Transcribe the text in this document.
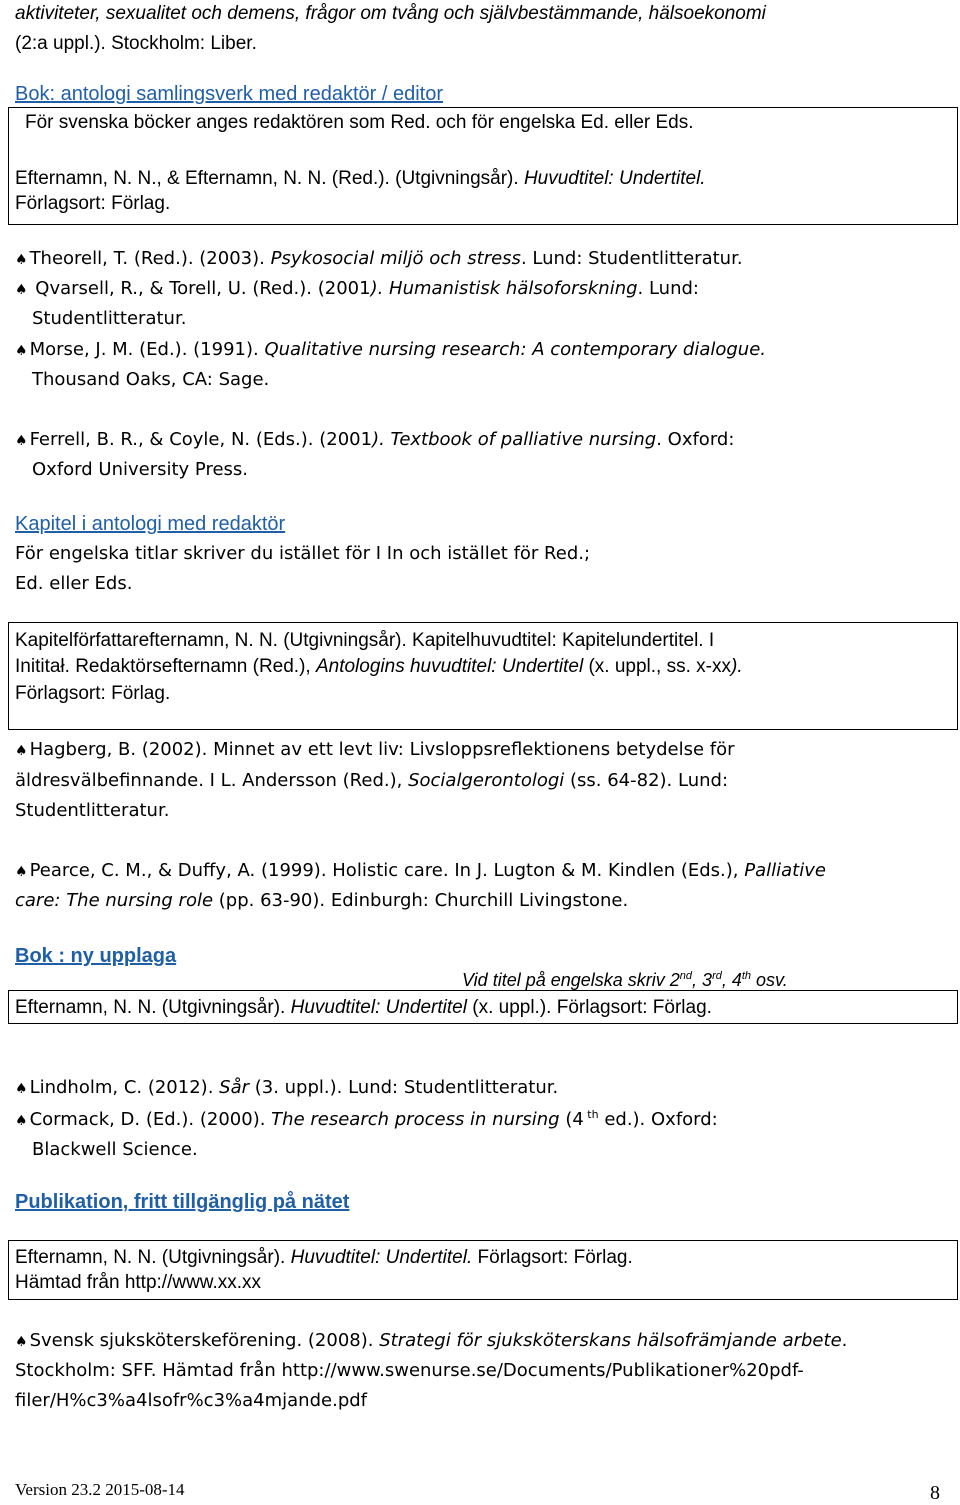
aktiviteter, sexualitet och demens, frågor om tvång och självbestämmande, hälsoekonomi
(2:a uppl.). Stockholm: Liber.
Bok: antologi samlingsverk med redaktör / editor
För svenska böcker anges redaktören som Red. och för engelska Ed. eller Eds.
Efternamn, N. N., & Efternamn, N. N. (Red.). (Utgivningsår). Huvudtitel: Undertitel.
Förlagsort: Förlag.
♠ Theorell, T. (Red.). (2003). Psykosocial miljö och stress. Lund: Studentlitteratur.
♠ Qvarsell, R., & Torell, U. (Red.). (2001). Humanistisk hälsoforskning. Lund:
Studentlitteratur.
♠ Morse, J. M. (Ed.). (1991). Qualitative nursing research: A contemporary dialogue.
Thousand Oaks, CA: Sage.
♠ Ferrell, B. R., & Coyle, N. (Eds.). (2001). Textbook of palliative nursing. Oxford:
Oxford University Press.
Kapitel i antologi med redaktör
För engelska titlar skriver du istället för I In och istället för Red.;
Ed. eller Eds.
Kapitelförfattarefternamn, N. N. (Utgivningsår). Kapitelhuvudtitel: Kapitelundertitel. I
Inititał. Redaktörsefternamn (Red.), Antologins huvudtitel: Undertitel (x. uppl., ss. x-xx).
Förlagsort: Förlag.
♠ Hagberg, B. (2002). Minnet av ett levt liv: Livsloppsreflektionens betydelse för
äldresvälbefinnande. I L. Andersson (Red.), Socialgerontologi (ss. 64-82). Lund:
Studentlitteratur.
♠ Pearce, C. M., & Duffy, A. (1999). Holistic care. In J. Lugton & M. Kindlen (Eds.), Palliative
care: The nursing role (pp. 63-90). Edinburgh: Churchill Livingstone.
Bok : ny upplaga
Vid titel på engelska skriv 2nd, 3rd, 4th osv.
Efternamn, N. N. (Utgivningsår). Huvudtitel: Undertitel (x. uppl.). Förlagsort: Förlag.
♠ Lindholm, C. (2012). Sår (3. uppl.). Lund: Studentlitteratur.
♠ Cormack, D. (Ed.). (2000). The research process in nursing (4 $^{th}$ ed.). Oxford:
Blackwell Science.
Publikation, fritt tillgänglig på nätet
Efternamn, N. N. (Utgivningsår). Huvudtitel: Undertitel. Förlagsort: Förlag.
Hämtad från http://www.xx.xx
♠ Svensk sjuksköterskeförening. (2008). Strategi för sjuksköterskans hälsofrämjande arbete.
Stockholm: SFF. Hämtad från http://www.swenurse.se/Documents/Publikationer%20pdf-
filer/H%c3%a4lsofr%c3%a4mjande.pdf
Version 23.2 2015-08-14	8
